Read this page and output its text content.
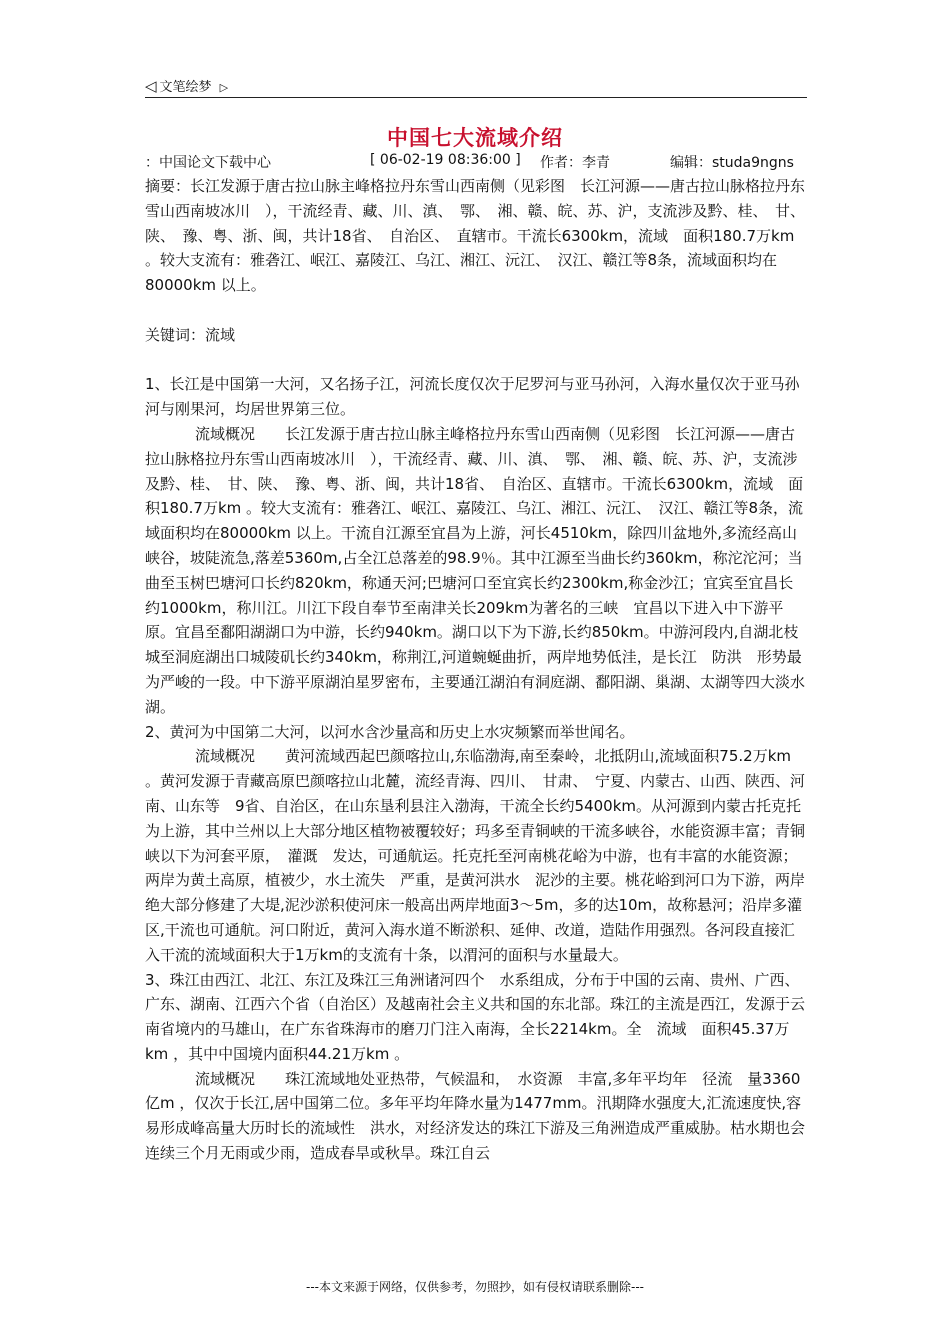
◁ 文笔绘梦 ▷
中国七大流域介绍
：中国论文下载中心	[ 06-02-19 08:36:00 ] 作者：李青	编辑：studa9ngns

摘要：长江发源于唐古拉山脉主峰格拉丹东雪山西南侧（见彩图　长江河源——唐古拉山脉格拉丹东雪山西南坡冰川　），干流经青、藏、川、滇、　鄂、　湘、赣、皖、苏、沪，支流涉及黔、桂、　甘、陕、　豫、粤、浙、闽，共计18省、　自治区、　直辖市。干流长6300km，流域　面积180.7万km 。较大支流有：雅砻江、岷江、嘉陵江、乌江、湘江、沅江、　汉江、赣江等8条，流域面积均在80000km 以上。

关键词：流域

1、长江是中国第一大河，又名扬子江，河流长度仅次于尼罗河与亚马孙河，入海水量仅次于亚马孙河与刚果河，均居世界第三位。

流域概况　　长江发源于唐古拉山脉主峰格拉丹东雪山西南侧（见彩图　长江河源——唐古拉山脉格拉丹东雪山西南坡冰川　），干流经青、藏、川、滇、　鄂、　湘、赣、皖、苏、沪，支流涉及黔、桂、　甘、陕、　豫、粤、浙、闽，共计18省、　自治区、直辖市。干流长6300km，流域　面积180.7万km 。较大支流有：雅砻江、岷江、嘉陵江、乌江、湘江、沅江、　汉江、赣江等8条，流域面积均在80000km 以上。干流自江源至宜昌为上游，河长4510km，除四川盆地外,多流经高山峡谷，坡陡流急,落差5360m,占全江总落差的98.9％。其中江源至当曲长约360km，称沱沱河；当曲至玉树巴塘河口长约820km，称通天河;巴塘河口至宜宾长约2300km,称金沙江；宜宾至宜昌长约1000km，称川江。川江下段自奉节至南津关长209km为著名的三峡　宜昌以下进入中下游平原。宜昌至鄱阳湖湖口为中游，长约940km。湖口以下为下游,长约850km。中游河段内,自湖北枝城至洞庭湖出口城陵矶长约340km，称荆江,河道蜿蜒曲折，两岸地势低洼，是长江　防洪　形势最为严峻的一段。中下游平原湖泊星罗密布，主要通江湖泊有洞庭湖、鄱阳湖、巢湖、太湖等四大淡水湖。

2、黄河为中国第二大河，以河水含沙量高和历史上水灾频繁而举世闻名。

流域概况　　黄河流域西起巴颜喀拉山,东临渤海,南至秦岭，北抵阴山,流域面积75.2万km 。黄河发源于青藏高原巴颜喀拉山北麓，流经青海、四川、　甘肃、　宁夏、内蒙古、山西、陕西、河南、山东等　9省、自治区，在山东垦利县注入渤海，干流全长约5400km。从河源到内蒙古托克托为上游，其中兰州以上大部分地区植物被覆较好；玛多至青铜峡的干流多峡谷，水能资源丰富；青铜峡以下为河套平原，　灌溉　发达，可通航运。托克托至河南桃花峪为中游，也有丰富的水能资源；两岸为黄土高原，植被少，水土流失　严重，是黄河洪水　泥沙的主要。桃花峪到河口为下游，两岸绝大部分修建了大堤,泥沙淤积使河床一般高出两岸地面3～5m，多的达10m，故称悬河；沿岸多灌区,干流也可通航。河口附近，黄河入海水道不断淤积、延伸、改道，造陆作用强烈。各河段直接汇入干流的流域面积大于1万km的支流有十条，以渭河的面积与水量最大。

3、珠江由西江、北江、东江及珠江三角洲诸河四个　水系组成，分布于中国的云南、贵州、广西、广东、湖南、江西六个省（自治区）及越南社会主义共和国的东北部。珠江的主流是西江，发源于云南省境内的马雄山，在广东省珠海市的磨刀门注入南海，全长2214km。全　流域　面积45.37万km ，其中中国境内面积44.21万km 。

流域概况　　珠江流域地处亚热带，气候温和，　水资源　丰富,多年平均年　径流　量3360亿m ，仅次于长江,居中国第二位。多年平均年降水量为1477mm。汛期降水强度大,汇流速度快,容易形成峰高量大历时长的流域性　洪水，对经济发达的珠江下游及三角洲造成严重威胁。枯水期也会连续三个月无雨或少雨，造成春旱或秋旱。珠江自云

---本文来源于网络，仅供参考，勿照抄，如有侵权请联系删除---
